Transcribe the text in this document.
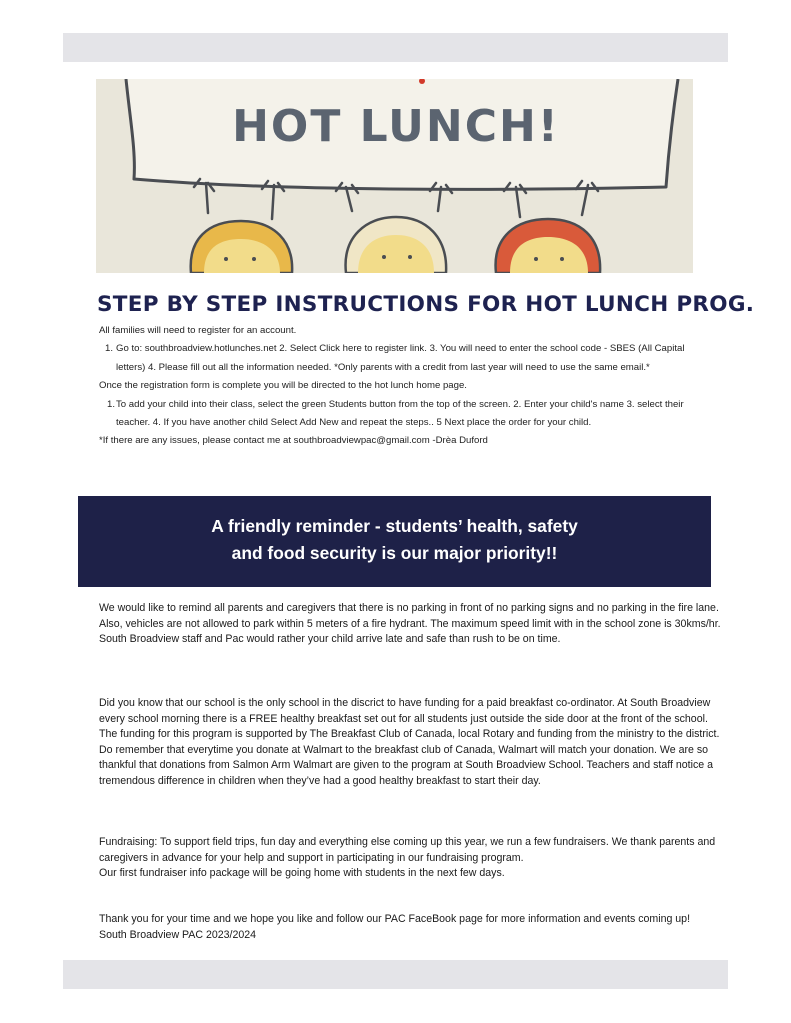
HOT LUNCH!
STEP BY STEP INSTRUCTIONS FOR HOT LUNCH PROG.
All families will need to register for an account.
1. Go to: southbroadview.hotlunches.net 2. Select Click here to register link. 3. You will need to enter the school code - SBES (All Capital letters) 4. Please fill out all the information needed. *Only parents with a credit from last year will need to use the same email.*
Once the registration form is complete you will be directed to the hot lunch home page.
1. To add your child into their class, select the green Students button from the top of the screen. 2. Enter your child's name 3. select their teacher. 4. If you have another child Select Add New and repeat the steps.. 5 Next place the order for your child.
*If there are any issues, please contact me at southbroadviewpac@gmail.com -Drèa Duford
A friendly reminder - students’ health, safety
and food security is our major priority!!

We would like to remind all parents and caregivers that there is no parking in front of no parking signs and no parking in the fire lane. Also, vehicles are not allowed to park within 5 meters of a fire hydrant. The maximum speed limit with in the school zone is 30kms/hr. South Broadview staff and Pac would rather your child arrive late and safe than rush to be on time.

Did you know that our school is the only school in the discrict to have funding for a paid breakfast co-ordinator. At South Broadview every school morning there is a FREE healthy breakfast set out for all students just outside the side door at the front of the school. The funding for this program is supported by The Breakfast Club of Canada, local Rotary and funding from the ministry to the district. Do remember that everytime you donate at Walmart to the breakfast club of Canada, Walmart will match your donation. We are so thankful that donations from Salmon Arm Walmart are given to the program at South Broadview School. Teachers and staff notice a tremendous difference in children when they’ve had a good healthy breakfast to start their day.

Fundraising: To support field trips, fun day and everything else coming up this year, we run a few fundraisers. We thank parents and caregivers in advance for your help and support in participating in our fundraising program.
Our first fundraiser info package will be going home with students in the next few days.
Thank you for your time and we hope you like and follow our PAC FaceBook page for more information and events coming up!
South Broadview PAC 2023/2024
